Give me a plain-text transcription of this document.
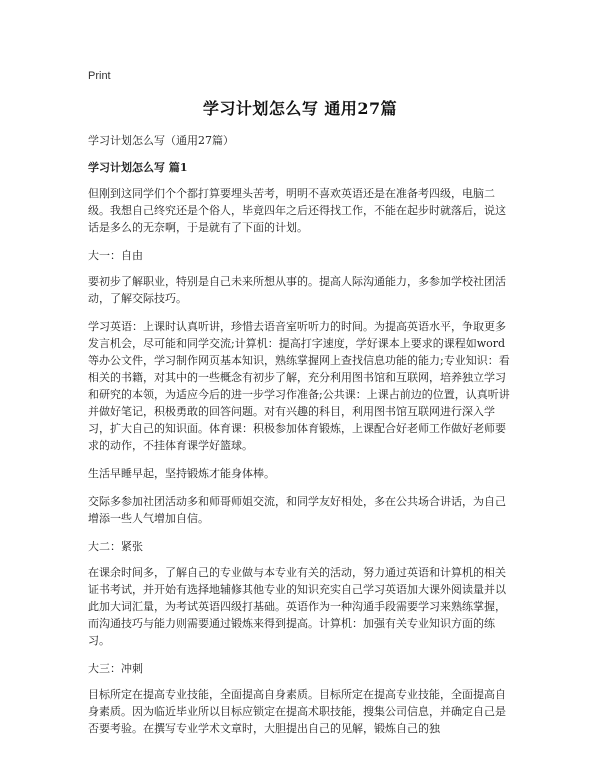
Print
学习计划怎么写 通用27篇

学习计划怎么写（通用27篇）

学习计划怎么写 篇1

但刚到这同学们个个都打算要埋头苦考，明明不喜欢英语还是在准备考四级，电脑二级。我想自己终究还是个俗人，毕竟四年之后还得找工作，不能在起步时就落后，说这话是多么的无奈啊，于是就有了下面的计划。

大一：自由

要初步了解职业，特别是自己未来所想从事的。提高人际沟通能力，多参加学校社团活动，了解交际技巧。

学习英语：上课时认真听讲，珍惜去语音室听听力的时间。为提高英语水平，争取更多发言机会，尽可能和同学交流;计算机：提高打字速度，学好课本上要求的课程如word等办公文件，学习制作网页基本知识，熟练掌握网上查找信息功能的能力;专业知识：看相关的书籍，对其中的一些概念有初步了解，充分利用图书馆和互联网，培养独立学习和研究的本领，为适应今后的进一步学习作准备;公共课：上课占前边的位置，认真听讲并做好笔记，积极勇敢的回答问题。对有兴趣的科目，利用图书馆互联网进行深入学习，扩大自己的知识面。体育课：积极参加体育锻炼，上课配合好老师工作做好老师要求的动作，不挂体育课学好篮球。

生活早睡早起，坚持锻炼才能身体棒。

交际多参加社团活动多和师哥师姐交流，和同学友好相处，多在公共场合讲话，为自己增添一些人气增加自信。

大二：紧张

在课余时间多，了解自己的专业做与本专业有关的活动，努力通过英语和计算机的相关证书考试，并开始有选择地辅修其他专业的知识充实自己学习英语加大课外阅读量并以此加大词汇量，为考试英语四级打基础。英语作为一种沟通手段需要学习来熟练掌握，而沟通技巧与能力则需要通过锻炼来得到提高。计算机：加强有关专业知识方面的练习。

大三：冲刺

目标所定在提高专业技能，全面提高自身素质。目标所定在提高专业技能，全面提高自身素质。因为临近毕业所以目标应锁定在提高术职技能，搜集公司信息，并确定自己是否要考验。在撰写专业学术文章时，大胆提出自己的见解，锻炼自己的独
